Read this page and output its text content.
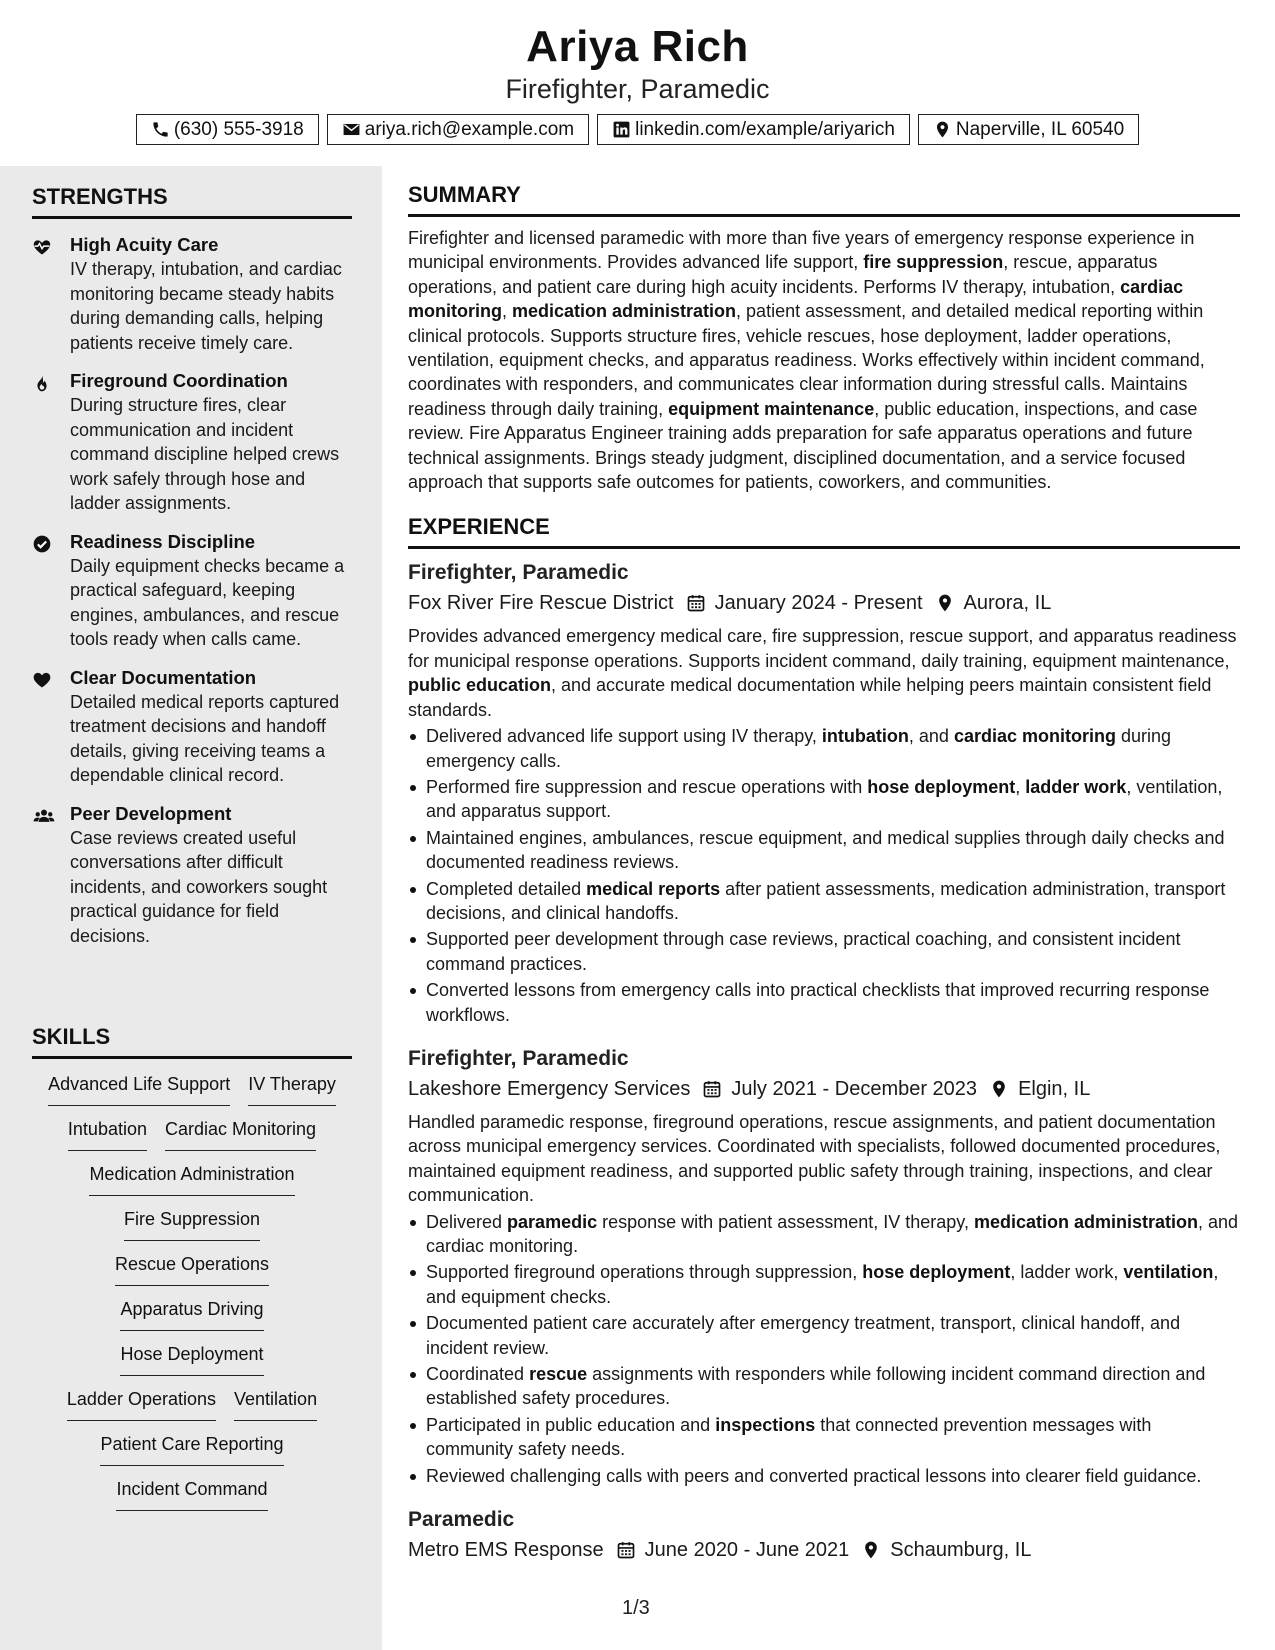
Ariya Rich
Firefighter, Paramedic
(630) 555-3918	ariya.rich@example.com	linkedin.com/example/ariyarich	Naperville, IL 60540
STRENGTHS
High Acuity Care
IV therapy, intubation, and cardiac monitoring became steady habits during demanding calls, helping patients receive timely care.
Fireground Coordination
During structure fires, clear communication and incident command discipline helped crews work safely through hose and ladder assignments.
Readiness Discipline
Daily equipment checks became a practical safeguard, keeping engines, ambulances, and rescue tools ready when calls came.
Clear Documentation
Detailed medical reports captured treatment decisions and handoff details, giving receiving teams a dependable clinical record.
Peer Development
Case reviews created useful conversations after difficult incidents, and coworkers sought practical guidance for field decisions.
SKILLS
Advanced Life Support IV Therapy
Intubation Cardiac Monitoring
Medication Administration
Fire Suppression
Rescue Operations
Apparatus Driving
Hose Deployment
Ladder Operations Ventilation
Patient Care Reporting
Incident Command
SUMMARY
Firefighter and licensed paramedic with more than five years of emergency response experience in municipal environments. Provides advanced life support, fire suppression, rescue, apparatus operations, and patient care during high acuity incidents. Performs IV therapy, intubation, cardiac monitoring, medication administration, patient assessment, and detailed medical reporting within clinical protocols. Supports structure fires, vehicle rescues, hose deployment, ladder operations, ventilation, equipment checks, and apparatus readiness. Works effectively within incident command, coordinates with responders, and communicates clear information during stressful calls. Maintains readiness through daily training, equipment maintenance, public education, inspections, and case review. Fire Apparatus Engineer training adds preparation for safe apparatus operations and future technical assignments. Brings steady judgment, disciplined documentation, and a service focused approach that supports safe outcomes for patients, coworkers, and communities.
EXPERIENCE
Firefighter, Paramedic
Fox River Fire Rescue District January 2024 - Present Aurora, IL
Provides advanced emergency medical care, fire suppression, rescue support, and apparatus readiness for municipal response operations. Supports incident command, daily training, equipment maintenance, public education, and accurate medical documentation while helping peers maintain consistent field standards.
Delivered advanced life support using IV therapy, intubation, and cardiac monitoring during emergency calls.
Performed fire suppression and rescue operations with hose deployment, ladder work, ventilation, and apparatus support.
Maintained engines, ambulances, rescue equipment, and medical supplies through daily checks and documented readiness reviews.
Completed detailed medical reports after patient assessments, medication administration, transport decisions, and clinical handoffs.
Supported peer development through case reviews, practical coaching, and consistent incident command practices.
Converted lessons from emergency calls into practical checklists that improved recurring response workflows.
Firefighter, Paramedic
Lakeshore Emergency Services July 2021 - December 2023 Elgin, IL
Handled paramedic response, fireground operations, rescue assignments, and patient documentation across municipal emergency services. Coordinated with specialists, followed documented procedures, maintained equipment readiness, and supported public safety through training, inspections, and clear communication.
Delivered paramedic response with patient assessment, IV therapy, medication administration, and cardiac monitoring.
Supported fireground operations through suppression, hose deployment, ladder work, ventilation, and equipment checks.
Documented patient care accurately after emergency treatment, transport, clinical handoff, and incident review.
Coordinated rescue assignments with responders while following incident command direction and established safety procedures.
Participated in public education and inspections that connected prevention messages with community safety needs.
Reviewed challenging calls with peers and converted practical lessons into clearer field guidance.
Paramedic
Metro EMS Response June 2020 - June 2021 Schaumburg, IL
1/3
